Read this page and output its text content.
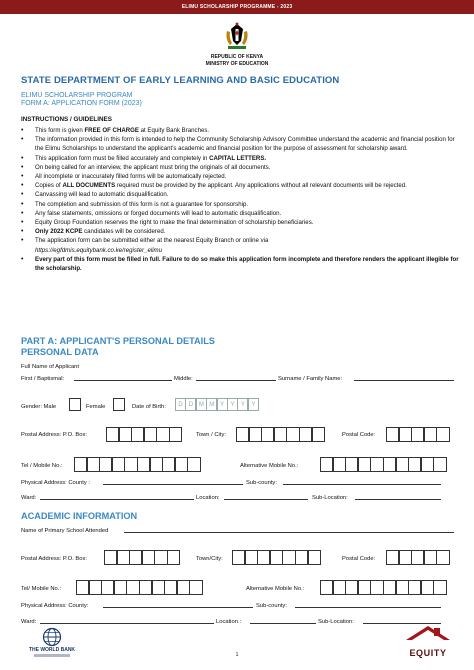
ELIMU SCHOLARSHIP PROGRAMME - 2023
REPUBLIC OF KENYA
MINISTRY OF EDUCATION
STATE DEPARTMENT OF EARLY LEARNING AND BASIC EDUCATION
ELIMU SCHOLARSHIP PROGRAM
FORM A: APPLICATION FORM (2023)
INSTRUCTIONS / GUIDELINES
• This form is given FREE OF CHARGE at Equity Bank Branches.
• The information provided in this form is intended to help the Community Scholarship Advisory Committee understand the academic and financial position for the Elimu Scholarships to understand the applicant's academic and financial position for the purpose of assessment for scholarship award.
• This application form must be filled accurately and completely in CAPITAL LETTERS.
• On being called for an interview, the applicant must bring the originals of all documents.
• All incomplete or inaccurately filled forms will be automatically rejected.
• Copies of ALL DOCUMENTS required must be provided by the applicant. Any applications without all relevant documents will be rejected.
• Canvassing will lead to automatic disqualification.
• The completion and submission of this form is not a guarantee for sponsorship.
• Any false statements, omissions or forged documents will lead to automatic disqualification.
• Equity Group Foundation reserves the right to make the final determination of scholarship beneficiaries.
• Only 2022 KCPE candidates will be considered.
• The application form can be submitted either at the nearest Equity Branch or online via
https://egfdmis.equitybank.co.ke/register_elimu
• Every part of this form must be filled in full. Failure to do so make this application form incomplete and therefore renders the applicant illegible for the scholarship.
PART A: APPLICANT'S PERSONAL DETAILS
PERSONAL DATA
Full Name of Applicant
First / Baptismal:	Middle:	Surname / Family Name:
Gender: Male	Female	Date of Birth:	D	D M M Y	Y	Y	Y
Postal Address: P.O. Box:	Town / City:	Postal Code:
Tel / Mobile No.:	Alternative Mobile No.:
Physical Address: County :	Sub-county:
Ward:	Location:	Sub-Location:
ACADEMIC INFORMATION
Name of Primary School Attended
Postal Address: P.O. Box:	Town/City:	Postal Code:
Tel/ Mobile No.:	Alternative Mobile No.:
Physical Address: County:	Sub-county:
Ward:	Location :	Sub-Location:
THE WORLD BANK
1	EQUITY
